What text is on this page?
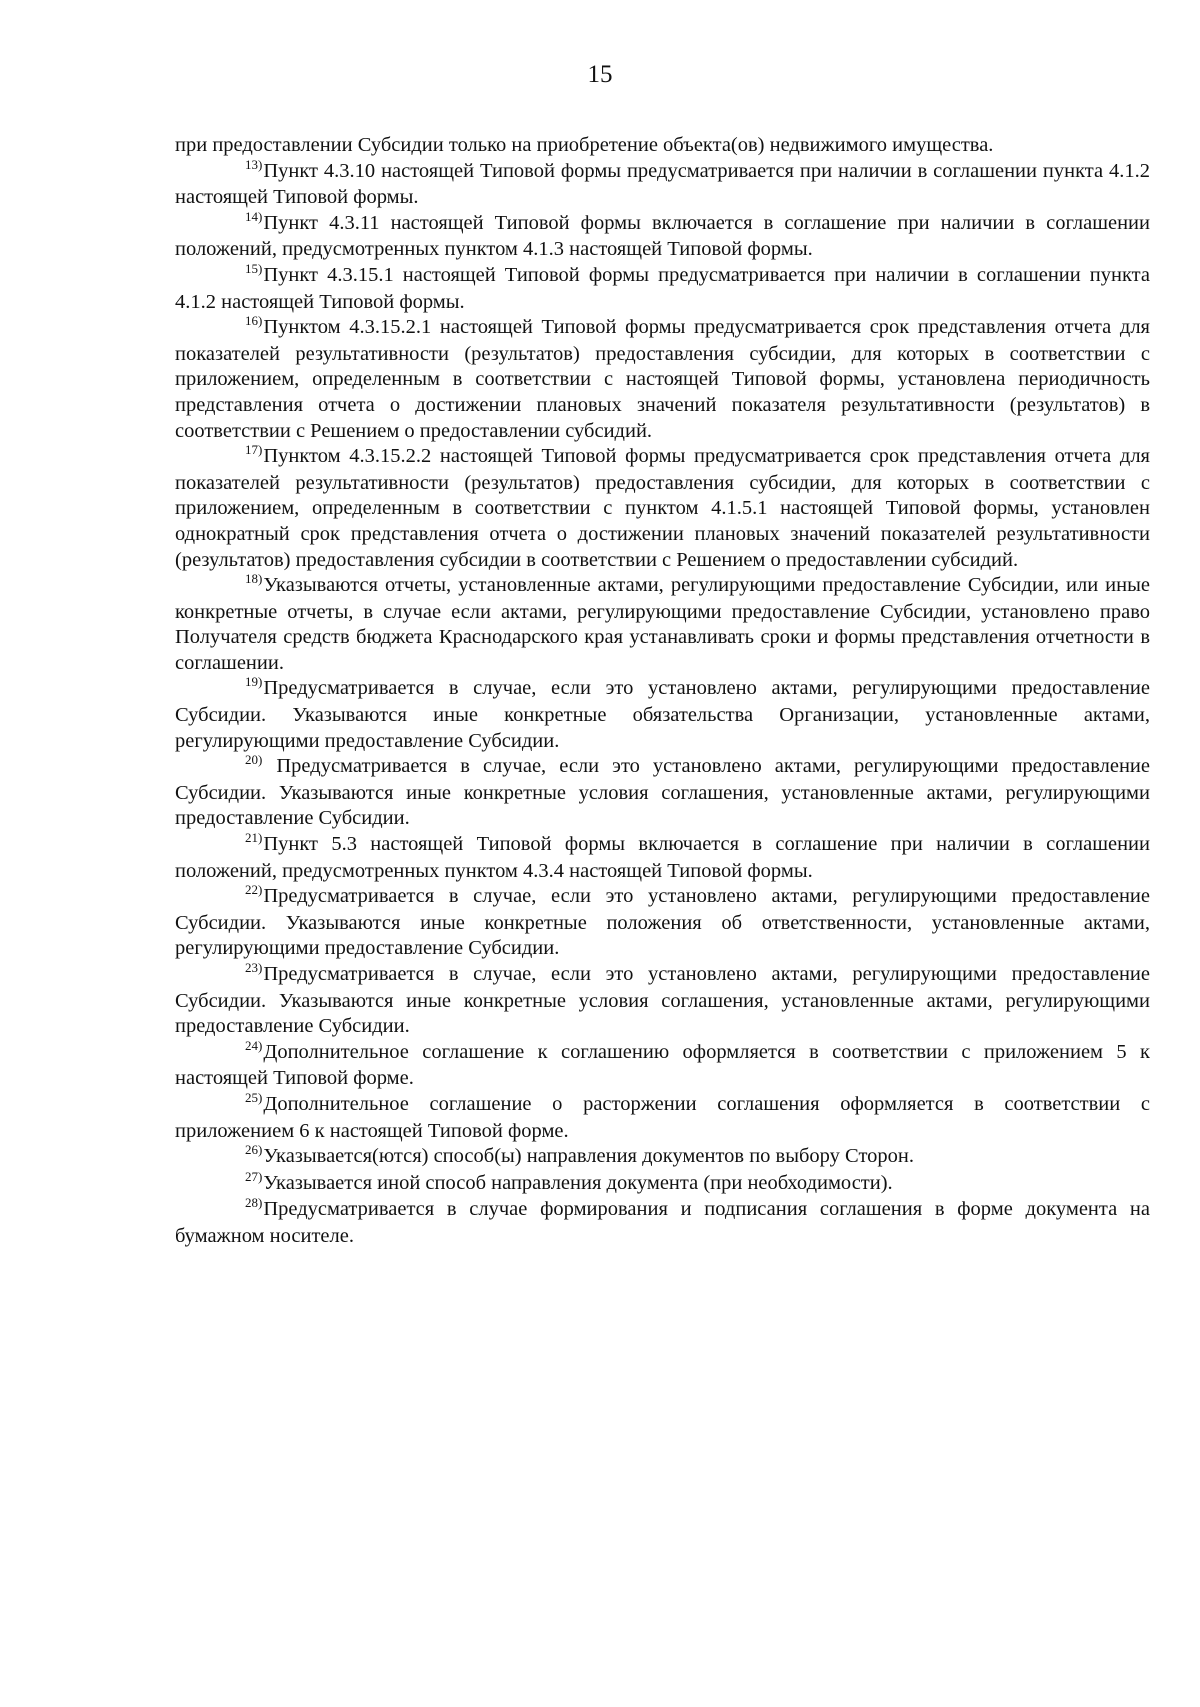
15

при предоставлении Субсидии только на приобретение объекта(ов) недвижимого имущества.

$^{13)}$Пункт 4.3.10 настоящей Типовой формы предусматривается при наличии в соглашении пункта 4.1.2 настоящей Типовой формы.

$^{14)}$Пункт 4.3.11 настоящей Типовой формы включается в соглашение при наличии в соглашении положений, предусмотренных пунктом 4.1.3 настоящей Типовой формы.

$^{15)}$Пункт 4.3.15.1 настоящей Типовой формы предусматривается при наличии в соглашении пункта 4.1.2 настоящей Типовой формы.

$^{16)}$Пунктом 4.3.15.2.1 настоящей Типовой формы предусматривается срок представления отчета для показателей результативности (результатов) предоставления субсидии, для которых в соответствии с приложением, определенным в соответствии с настоящей Типовой формы, установлена периодичность представления отчета о достижении плановых значений показателя результативности (результатов) в соответствии с Решением о предоставлении субсидий.

$^{17)}$Пунктом 4.3.15.2.2 настоящей Типовой формы предусматривается срок представления отчета для показателей результативности (результатов) предоставления субсидии, для которых в соответствии с приложением, определенным в соответствии с пунктом 4.1.5.1 настоящей Типовой формы, установлен однократный срок представления отчета о достижении плановых значений показателей результативности (результатов) предоставления субсидии в соответствии с Решением о предоставлении субсидий.

$^{18)}$Указываются отчеты, установленные актами, регулирующими предоставление Субсидии, или иные конкретные отчеты, в случае если актами, регулирующими предоставление Субсидии, установлено право Получателя средств бюджета Краснодарского края устанавливать сроки и формы представления отчетности в соглашении.

$^{19)}$Предусматривается в случае, если это установлено актами, регулирующими предоставление Субсидии. Указываются иные конкретные обязательства Организации, установленные актами, регулирующими предоставление Субсидии.

$^{20)}$ Предусматривается в случае, если это установлено актами, регулирующими предоставление Субсидии. Указываются иные конкретные условия соглашения, установленные актами, регулирующими предоставление Субсидии.

$^{21)}$Пункт 5.3 настоящей Типовой формы включается в соглашение при наличии в соглашении положений, предусмотренных пунктом 4.3.4 настоящей Типовой формы.

$^{22)}$Предусматривается в случае, если это установлено актами, регулирующими предоставление Субсидии. Указываются иные конкретные положения об ответственности, установленные актами, регулирующими предоставление Субсидии.

$^{23)}$Предусматривается в случае, если это установлено актами, регулирующими предоставление Субсидии. Указываются иные конкретные условия соглашения, установленные актами, регулирующими предоставление Субсидии.

$^{24)}$Дополнительное соглашение к соглашению оформляется в соответствии с приложением 5 к настоящей Типовой форме.

$^{25)}$Дополнительное соглашение о расторжении соглашения оформляется в соответствии с приложением 6 к настоящей Типовой форме.

$^{26)}$Указывается(ются) способ(ы) направления документов по выбору Сторон.

$^{27)}$Указывается иной способ направления документа (при необходимости).

$^{28)}$Предусматривается в случае формирования и подписания соглашения в форме документа на бумажном носителе.
